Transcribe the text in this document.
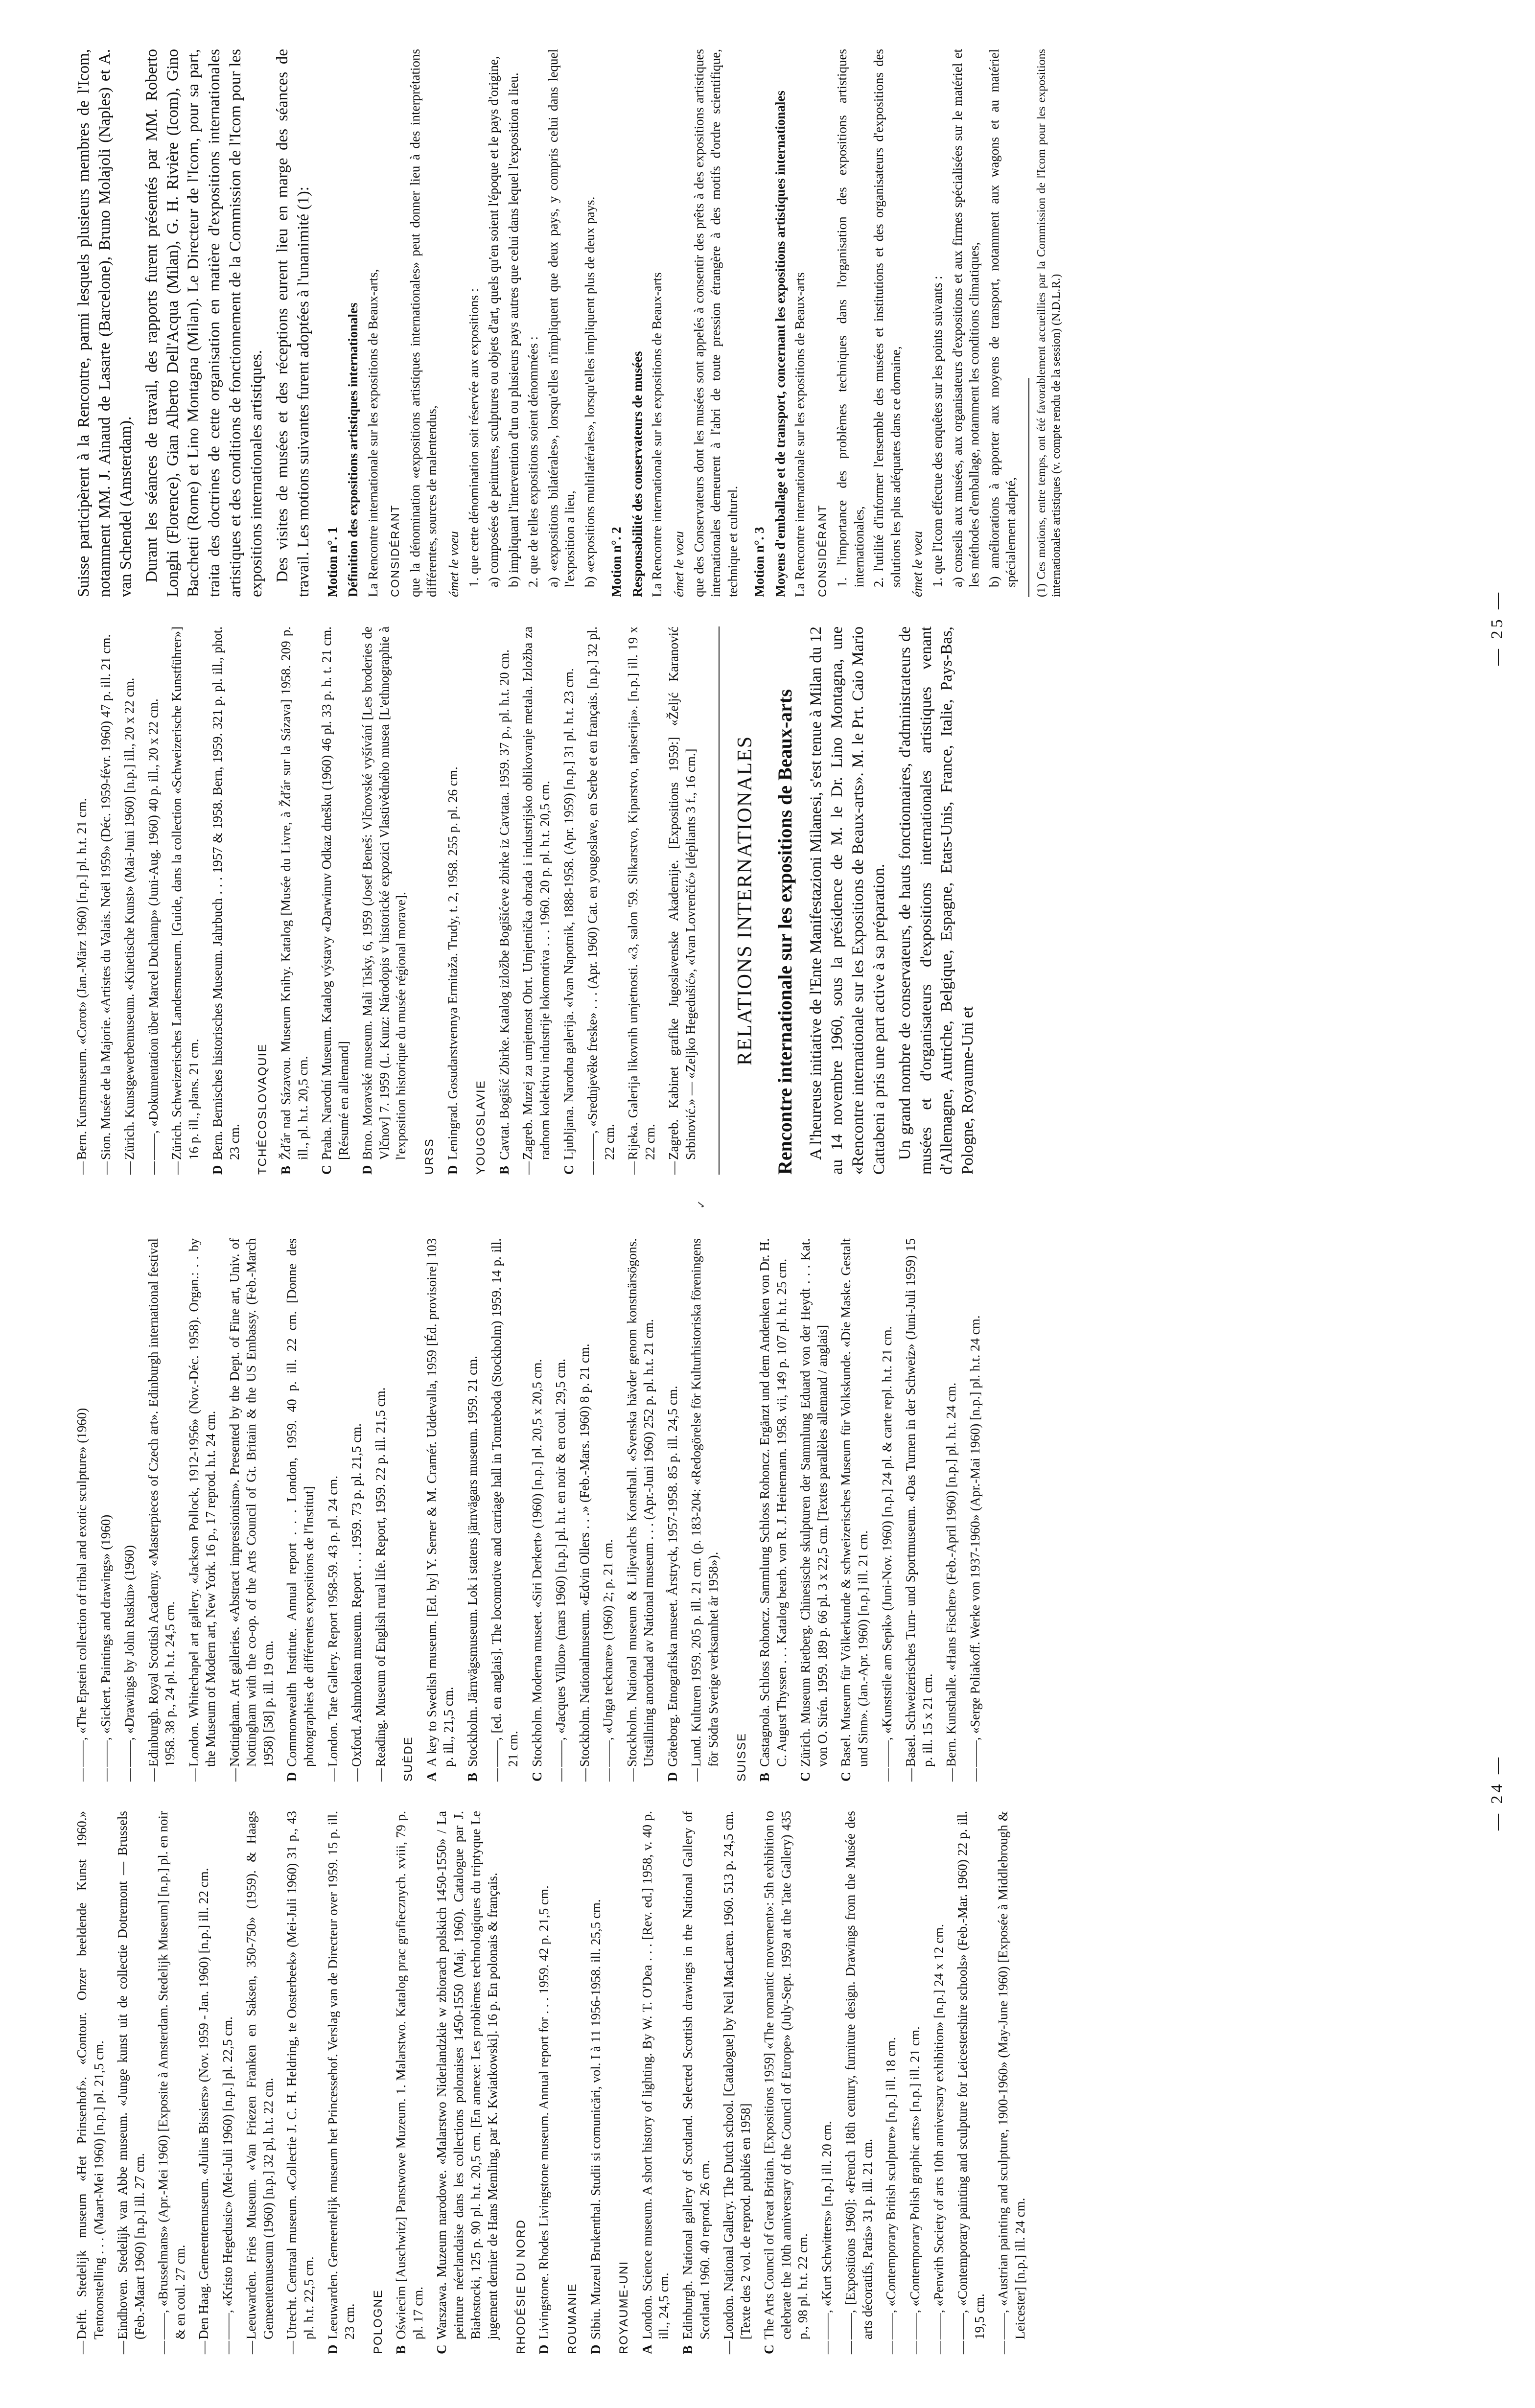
—Delft. Stedelijk museum «Het Prinsenhof». «Contour. Onzer beeldende Kunst 1960.» Tentoonstelling . . . (Maart-Mei 1960) [n.p.] pl. 21,5 cm.
—Eindhoven. Stedelijk van Abbe museum. «Junge kunst uit de collectie Dotremont — Brussels (Feb.-Maart 1960) [n.p.] ill. 27 cm.
———, «Brusselmans» (Apr.-Mei 1960) [Exposite à Amsterdam. Stedelijk Museum] [n.p.] pl. en noir & en coul. 27 cm.
—Den Haag. Gemeentemuseum. «Julius Bissiers» (Nov. 1959 - Jan. 1960) [n.p.] ill. 22 cm.
———, «Kristo Hegedusic» (Mei-Juli 1960) [n.p.] pl. 22,5 cm.
—Leeuwarden. Fries Museum. «Van Friezen Franken en Saksen, 350-750» (1959). & Haags Gemeentemuseum (1960) [n.p.] 32 pl, h.t. 22 cm.
—Utrecht. Centraal museum. «Collectie J. C. H. Heldring, te Oosterbeek» (Mei-Juli 1960) 31 p., 43 pl. h.t. 22,5 cm.
DLeeuwarden. Gemeentelijk museum het Princessehof. Verslag van de Directeur over 1959. 15 p. ill. 23 cm. POLOGNE BOświecim [Auschwitz] Panstwowe Muzeum. 1. Malarstwo. Katalog prac grafiecznych. xviii, 79 p. pl. 17 cm.
CWarszawa. Muzeum narodowe. «Malarstwo Niderlandzkie w zbiorach polskich 1450-1550» / La peinture néerlandaise dans les collections polonaises 1450-1550 (Maj. 1960). Catalogue par J. Białostocki, 125 p. 90 pl. h.t. 20,5 cm. [En annexe: Les problèmes technologiques du triptyque Le jugement dernier de Hans Memling, par K. Kwiatkowski]. 16 p. En polonais & français. RHODÉSIE DU NORD DLivingstone. Rhodes Livingstone museum. Annual report for . . . 1959. 42 p. 21,5 cm. ROUMANIE DSibiu. Muzeul Brukenthal. Studii si comunicări, vol. I à 11 1956-1958. ill. 25,5 cm. ROYAUME-UNI ALondon. Science museum. A short history of lighting. By W. T. O'Dea . . . [Rev. ed.] 1958, v. 40 p. ill., 24,5 cm.
BEdinburgh. National gallery of Scotland. Selected Scottish drawings in the National Gallery of Scotland. 1960. 40 reprod. 26 cm.
—London. National Gallery. The Dutch school. [Catalogue] by Neil MacLaren. 1960. 513 p. 24,5 cm. [Texte des 2 vol. de reprod. publiés en 1958]
CThe Arts Council of Great Britain. [Expositions 1959] «The romantic movement»: 5th exhibition to celebrate the 10th anniversary of the Council of Europe» (July-Sept. 1959 at the Tate Gallery) 435 p., 98 pl. h.t. 22 cm.
———, «Kurt Schwitters» [n.p.] ill. 20 cm.
———, [Expositions 1960]: «French 18th century, furniture design. Drawings from the Musée des arts décoratifs, Paris» 31 p. ill. 21 cm.
———, «Contemporary British sculpture» [n.p.] ill. 18 cm.
———, «Contemporary Polish graphic arts» [n.p.] ill. 21 cm.
———, «Penwith Society of arts 10th anniversary exhibition» [n.p.] 24 x 12 cm.
———, «Contemporary painting and sculpture for Leicestershire schools» (Feb.-Mar. 1960) 22 p. ill. 19,5 cm.
———, «Austrian painting and sculpture, 1900-1960» (May-June 1960) [Exposée à Middlebrough & Leicester] [n.p.] ill. 24 cm.
———, «The Epstein collection of tribal and exotic sculpture» (1960)
———, «Sickert. Paintings and drawings» (1960)
———, «Drawings by John Ruskin» (1960)
—Edinburgh. Royal Scottish Academy. «Masterpieces of Czech art». Edinburgh international festival 1958. 38 p., 24 pl. h.t. 24,5 cm.
—London. Whitechapel art gallery. «Jackson Pollock, 1912-1956» (Nov.-Déc. 1958). Organ.: . . by the Museum of Modern art, New York. 16 p., 17 reprod. h.t. 24 cm.
—Nottingham. Art galleries. «Abstract impressionism». Presented by the Dept. of Fine art, Univ. of Nottingham with the co-op. of the Arts Council of Gt. Britain & the US Embassy. (Feb.-March 1958) [58] p. ill. 19 cm.
DCommonwealth Institute. Annual report . . . London, 1959. 40 p. ill. 22 cm. [Donne des photographies de différentes expositions de l'Institut]
—London. Tate Gallery. Report 1958-59. 43 p. pl. 24 cm.
—Oxford. Ashmolean museum. Report . . . 1959. 73 p. pl. 21,5 cm.
—Reading. Museum of English rural life. Report, 1959. 22 p. ill. 21,5 cm. SUÈDE AA key to Swedish museum. [Ed. by] Y. Serner & M. Cramér. Uddevalla, 1959 [Éd. provisoire] 103 p. ill., 21,5 cm.
BStockholm. Järnvägsmuseum. Lok i statens järnvägars museum. 1959. 21 cm.
———, [ed. en anglais]. The locomotive and carriage hall in Tomteboda (Stockholm) 1959. 14 p. ill. 21 cm.
CStockholm. Moderna museet. «Siri Derkert» (1960) [n.p.] pl. 20,5 x 20,5 cm.
———, «Jacques Villon» (mars 1960) [n.p.] pl. h.t. en noir & en coul. 29,5 cm.
—Stockholm. Nationalmuseum. «Edvin Ollers . . .» (Feb.-Mars. 1960) 8 p. 21 cm.
———, «Unga tecknare» (1960) 2; p. 21 cm.
—Stockholm. National museum & Liljevalchs Konsthall. «Svenska hävder genom konstnärsögons. Utställning anordnad av National museum . . . (Apr.-Juni 1960) 252 p. pl. h.t. 21 cm.
DGöteborg. Etnografiska museet. Årstryck, 1957-1958. 85 p. ill. 24,5 cm.
—Lund. Kulturen 1959. 205 p. ill. 21 cm. (p. 183-204: «Redogörelse för Kulturhistoriska föreningens för Södra Sverige verksamhet år 1958»). SUISSE BCastagnola. Schloss Rohoncz. Sammlung Schloss Rohoncz. Ergänzt und dem Andenken von Dr. H. C. August Thyssen . . . Katalog bearb. von R. J. Heinemann. 1958. vii, 149 p. 107 pl. h.t. 25 cm.
CZürich. Museum Rietberg. Chinesische skulpturen der Sammlung Eduard von der Heydt . . . Kat. von O. Sirén. 1959. 189 p. 66 pl. 3 x 22,5 cm. [Textes parallèles allemand / anglais]
CBasel. Museum für Völkerkunde & schweizerisches Museum für Volkskunde. «Die Maske. Gestalt und Sinn». (Jan.-Apr. 1960) [n.p.] ill. 21 cm.
———, «Kunststile am Sepik» (Juni-Nov. 1960) [n.p.] 24 pl. & carte repl. h.t. 21 cm.
—Basel. Schweizerisches Turn- und Sportmuseum. «Das Turnen in der Schweiz» (Juni-Juli 1959) 15 p. ill. 15 x 21 cm.
—Bern. Kunsthalle. «Hans Fischer» (Feb.-April 1960) [n.p.] pl. h.t. 24 cm.
———, «Serge Poliakoff. Werke von 1937-1960» (Apr.-Mai 1960) [n.p.] pl. h.t. 24 cm.
✓
—Bern. Kunstmuseum. «Corot» (Jan.-März 1960) [n.p.] pl. h.t. 21 cm.
—Sion. Musée de la Majorie. «Artistes du Valais. Noël 1959» (Déc. 1959-févr. 1960) 47 p. ill. 21 cm.
—Zürich. Kunstgewerbemuseum. «Kinetische Kunst» (Mai-Juni 1960) [n.p.] ill., 20 x 22 cm.
———, «Dokumentation über Marcel Duchamp» (Juni-Aug. 1960) 40 p. ill., 20 x 22 cm.
—Zürich. Schweizerisches Landesmuseum. [Guide, dans la collection «Schweizerische Kunstführer»] 16 p. ill., plans. 21 cm.
DBern. Bernisches historisches Museum. Jahrbuch . . . 1957 & 1958. Bern, 1959. 321 p. pl. ill., phot. 23 cm. TCHÉCOSLOVAQUIE BŽďár nad Sázavou. Museum Knihy. Katalog [Musée du Livre, à Žďár sur la Sázava] 1958. 209 p. ill., pl. h.t. 20,5 cm.
CPraha. Narodní Museum. Katalog výstavy «Darwinuv Odkaz dnešku (1960) 46 pl. 33 p. h. t. 21 cm. [Résumé en allemand]
DBrno. Moravské museum. Mali Tisky, 6, 1959 (Josef Beneš: Vlčnovské vyšívání [Les broderies de Vlčnov] 7. 1959 (L. Kunz: Národopis v historické expozici Vlastivědného musea [L'ethnographie à l'exposition historique du musée régional morave]. URSS DLeningrad. Gosudarstvennya Ermitaža. Trudy, t. 2, 1958. 255 p. pl. 26 cm. YOUGOSLAVIE BCavtat. Bogišić Zbirke. Katalog izložbe Bogišićeve zbirke iz Cavtata. 1959. 37 p., pl. h.t. 20 cm.
—Zagreb. Muzej za umjetnost Obrt. Umjetnička obrada i industrijsko oblikovanje metala. Izložba za radnom kolektivu industrije lokomotiva . . . 1960. 20 p. pl. h.t. 20,5 cm.
CLjubljana. Narodna galerija. «Ivan Napotnik, 1888-1958. (Apr. 1959) [n.p.] 31 pl. h.t. 23 cm.
———, «Srednjevěke freske» . . . (Apr. 1960) Cat. en yougoslave, en Serbe et en français. [n.p.] 32 pl. 22 cm.
—Rijeka. Galerija likovnih umjetnosti. «3, salon '59. Slikarstvo, Kiparstvo, tapiserija». [n.p.] ill. 19 x 22 cm.
—Zagreb. Kabinet grafike Jugoslavenske Akademije. [Expositions 1959:] «Željć Karanović Srbinović.» — «Zeljko Hegedušić», «Ivan Lovrenčić» [dépliants 3 f., 16 cm.]	RELATIONS INTERNATIONALES Rencontre internationale sur les expositions de Beaux-arts A l'heureuse initiative de l'Ente Manifestazioni Milanesi, s'est tenue à Milan du 12 au 14 novembre 1960, sous la présidence de M. le Dr. Lino Montagna, une «Rencontre internationale sur les Expositions de Beaux-arts». M. le Prt. Caio Mario Cattabeni a pris une part active à sa préparation. Un grand nombre de conservateurs, de hauts fonctionnaires, d'administrateurs de musées et d'organisateurs d'expositions internationales artistiques venant d'Allemagne, Autriche, Belgique, Espagne, Etats-Unis, France, Italie, Pays-Bas, Pologne, Royaume-Uni et
Suisse participèrent à la Rencontre, parmi lesquels plusieurs membres de l'Icom, notamment MM. J. Ainaud de Lasarte (Barcelone), Bruno Molajoli (Naples) et A. van Schendel (Amsterdam). Durant les séances de travail, des rapports furent présentés par MM. Roberto Longhi (Florence), Gian Alberto Dell'Acqua (Milan), G. H. Rivière (Icom), Gino Bacchetti (Rome) et Lino Montagna (Milan). Le Directeur de l'Icom, pour sa part, traita des doctrines de cette organisation en matière d'expositions internationales artistiques et des conditions de fonctionnement de la Commission de l'Icom pour les expositions internationales artistiques. Des visites de musées et des réceptions eurent lieu en marge des séances de travail. Les motions suivantes furent adoptées à l'unanimité (1): Motion n°. 1 Définition des expositions artistiques internationales La Rencontre internationale sur les expositions de Beaux-arts, CONSIDÉRANT que la dénomination «expositions artistiques internationales» peut donner lieu à des interprétations différentes, sources de malentendus, émet le voeu 1. que cette dénomination soit réservée aux expositions : a) composées de peintures, sculptures ou objets d'art, quels qu'en soient l'époque et le pays d'origine, b) impliquant l'intervention d'un ou plusieurs pays autres que celui dans lequel l'exposition a lieu. 2. que de telles expositions soient dénommées : a) «expositions bilatérales», lorsqu'elles n'impliquent que deux pays, y compris celui dans lequel l'exposition a lieu, b) «expositions multilatérales», lorsqu'elles impliquent plus de deux pays. Motion n°. 2 Responsabilité des conservateurs de musées La Rencontre internationale sur les expositions de Beaux-arts émet le voeu que des Conservateurs dont les musées sont appelés à consentir des prêts à des expositions artistiques internationales demeurent à l'abri de toute pression étrangère à des motifs d'ordre scientifique, technique et culturel. Motion n°. 3 Moyens d'emballage et de transport, concernant les expositions artistiques internationales La Rencontre internationale sur les expositions de Beaux-arts CONSIDÉRANT 1. l'importance des problèmes techniques dans l'organisation des expositions artistiques internationales, 2. l'utilité d'informer l'ensemble des musées et institutions et des organisateurs d'expositions des solutions les plus adéquates dans ce domaine, émet le voeu 1. que l'Icom effectue des enquêtes sur les points suivants : a) conseils aux musées, aux organisateurs d'expositions et aux firmes spécialisées sur le matériel et les méthodes d'emballage, notamment les conditions climatiques, b) améliorations à apporter aux moyens de transport, notamment aux wagons et au matériel spécialement adapté, (1) Ces motions, entre temps, ont été favorablement accueillies par la Commission de l'Icom pour les expositions internationales artistiques (v. compte rendu de la session) (N.D.L.R.)
— 24 —
— 25 —
